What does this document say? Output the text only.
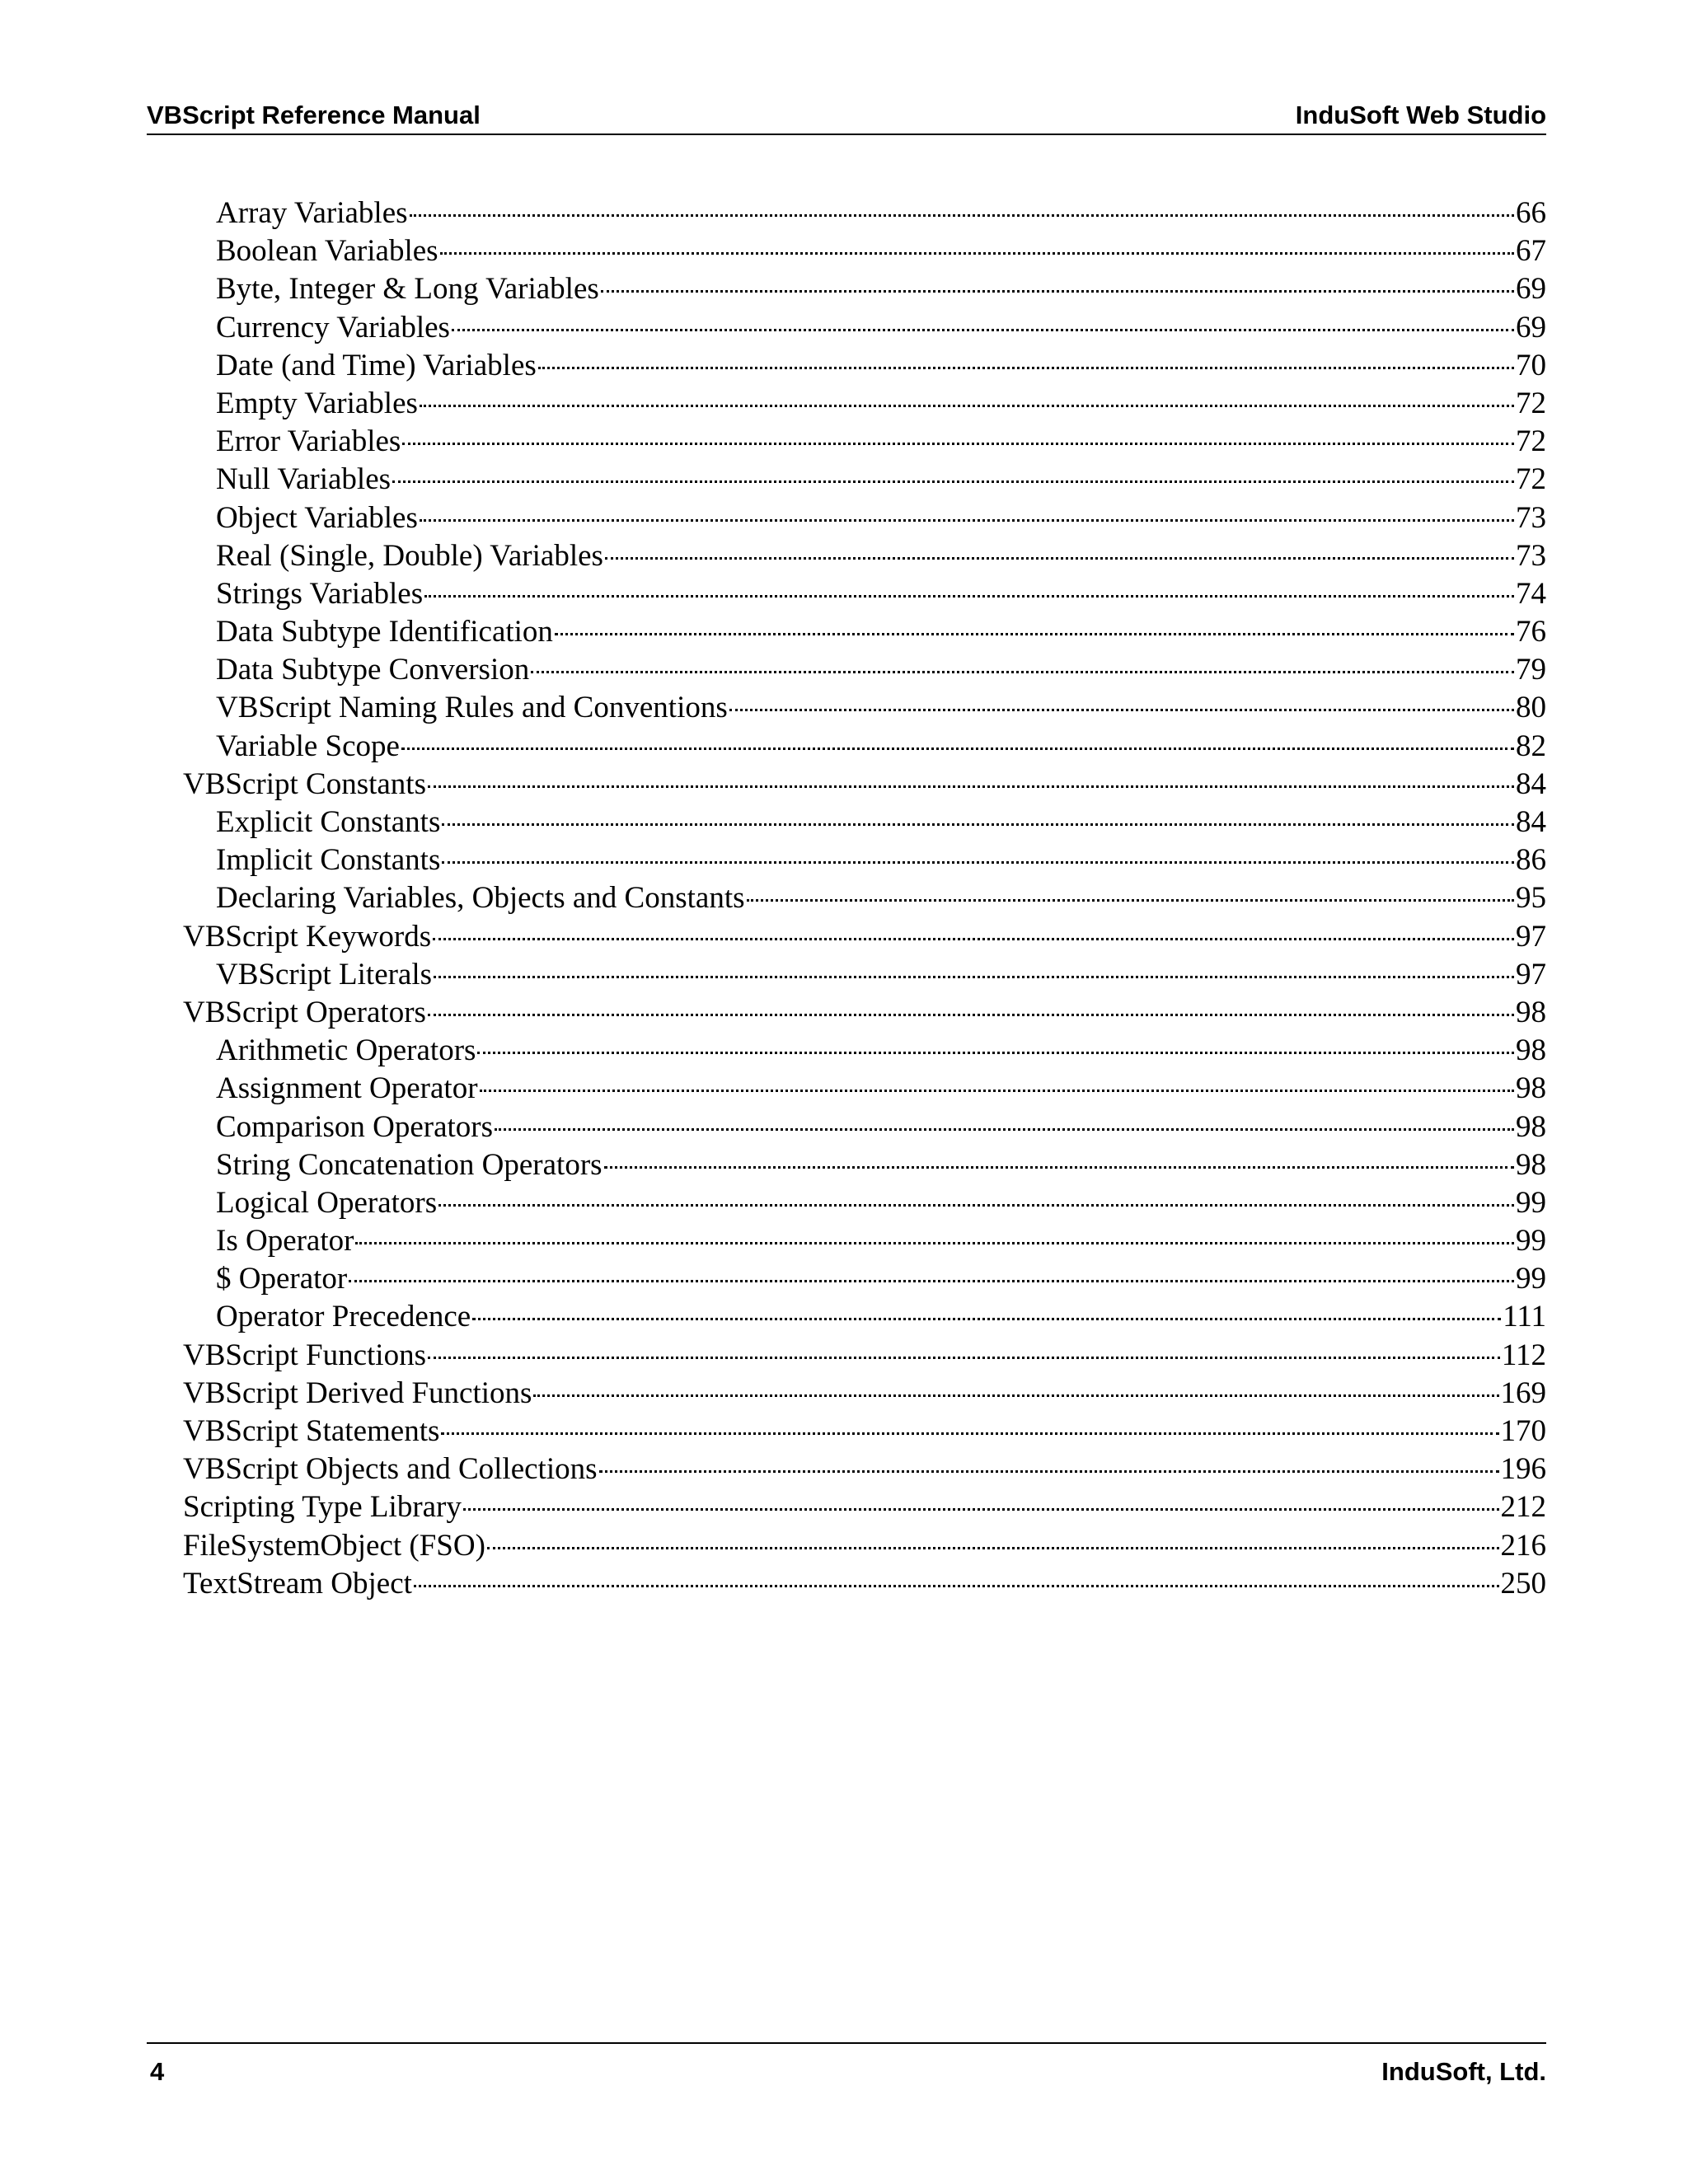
VBScript Reference Manual	InduSoft Web Studio
Array Variables	66
Boolean Variables	67
Byte, Integer & Long Variables	69
Currency Variables	69
Date (and Time) Variables	70
Empty Variables	72
Error Variables	72
Null Variables	72
Object Variables	73
Real (Single, Double) Variables	73
Strings Variables	74
Data Subtype Identification	76
Data Subtype Conversion	79
VBScript Naming Rules and Conventions	80
Variable Scope	82
VBScript Constants	84
Explicit Constants	84
Implicit Constants	86
Declaring Variables, Objects and Constants	95
VBScript Keywords	97
VBScript Literals	97
VBScript Operators	98
Arithmetic Operators	98
Assignment Operator	98
Comparison Operators	98
String Concatenation Operators	98
Logical Operators	99
Is Operator	99
$ Operator	99
Operator Precedence	111
VBScript Functions	112
VBScript Derived Functions	169
VBScript Statements	170
VBScript Objects and Collections	196
Scripting Type Library	212
FileSystemObject (FSO)	216
TextStream Object	250
4	InduSoft, Ltd.
